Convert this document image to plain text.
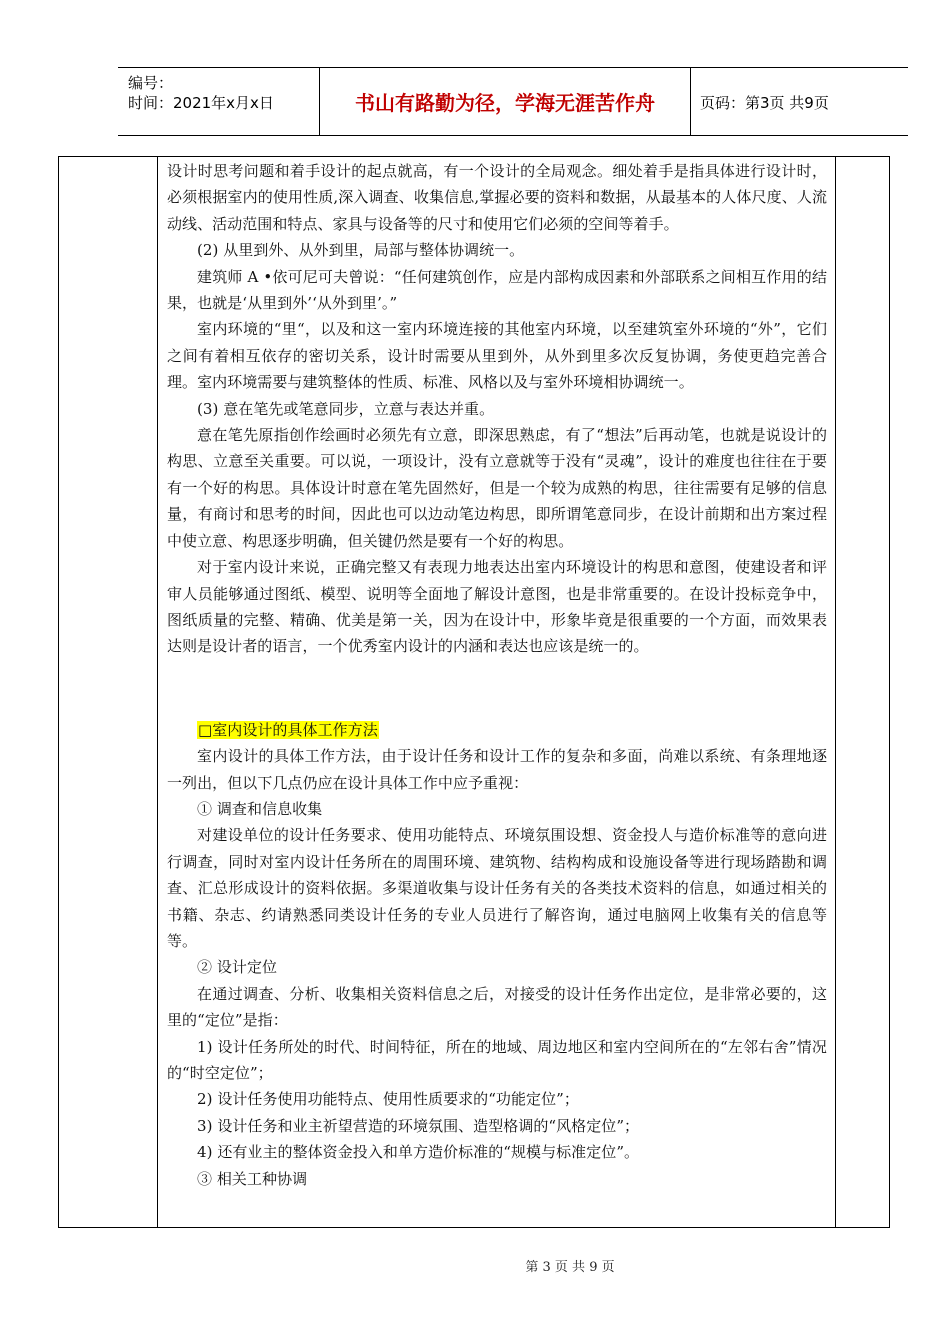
编号：
时间：2021年x月x日	书山有路勤为径，学海无涯苦作舟	页码：第3页 共9页

设计时思考问题和着手设计的起点就高，有一个设计的全局观念。细处着手是指具体进行设计时，必须根据室内的使用性质,深入调查、收集信息,掌握必要的资料和数据，从最基本的人体尺度、人流动线、活动范围和特点、家具与设备等的尺寸和使用它们必须的空间等着手。

(2) 从里到外、从外到里，局部与整体协调统一。

建筑师 A •依可尼可夫曾说：“任何建筑创作，应是内部构成因素和外部联系之间相互作用的结果，也就是‘从里到外’‘从外到里’。”

室内环境的“里“，以及和这一室内环境连接的其他室内环境，以至建筑室外环境的“外”，它们之间有着相互依存的密切关系，设计时需要从里到外，从外到里多次反复协调，务使更趋完善合理。室内环境需要与建筑整体的性质、标准、风格以及与室外环境相协调统一。

(3) 意在笔先或笔意同步，立意与表达并重。

意在笔先原指创作绘画时必须先有立意，即深思熟虑，有了“想法”后再动笔，也就是说设计的构思、立意至关重要。可以说，一项设计，没有立意就等于没有“灵魂”，设计的难度也往往在于要有一个好的构思。具体设计时意在笔先固然好，但是一个较为成熟的构思，往往需要有足够的信息量，有商讨和思考的时间，因此也可以边动笔边构思，即所谓笔意同步，在设计前期和出方案过程中使立意、构思逐步明确，但关键仍然是要有一个好的构思。

对于室内设计来说，正确完整又有表现力地表达出室内环境设计的构思和意图，使建设者和评审人员能够通过图纸、模型、说明等全面地了解设计意图，也是非常重要的。在设计投标竞争中，图纸质量的完整、精确、优美是第一关，因为在设计中，形象毕竟是很重要的一个方面，而效果表达则是设计者的语言，一个优秀室内设计的内涵和表达也应该是统一的。

□室内设计的具体工作方法

室内设计的具体工作方法，由于设计任务和设计工作的复杂和多面，尚难以系统、有条理地逐一列出，但以下几点仍应在设计具体工作中应予重视：

① 调查和信息收集

对建设单位的设计任务要求、使用功能特点、环境氛围设想、资金投人与造价标准等的意向进行调查，同时对室内设计任务所在的周围环境、建筑物、结构构成和设施设备等进行现场踏勘和调查、汇总形成设计的资料依据。多渠道收集与设计任务有关的各类技术资料的信息，如通过相关的书籍、杂志、约请熟悉同类设计任务的专业人员进行了解咨询，通过电脑网上收集有关的信息等等。

② 设计定位

在通过调查、分析、收集相关资料信息之后，对接受的设计任务作出定位，是非常必要的，这里的“定位”是指：

1) 设计任务所处的时代、时间特征，所在的地域、周边地区和室内空间所在的“左邻右舍”情况的“时空定位”；

2) 设计任务使用功能特点、使用性质要求的“功能定位”；

3) 设计任务和业主祈望营造的环境氛围、造型格调的“风格定位”；

4) 还有业主的整体资金投入和单方造价标准的“规模与标准定位”。

③ 相关工种协调

第 3 页 共 9 页
